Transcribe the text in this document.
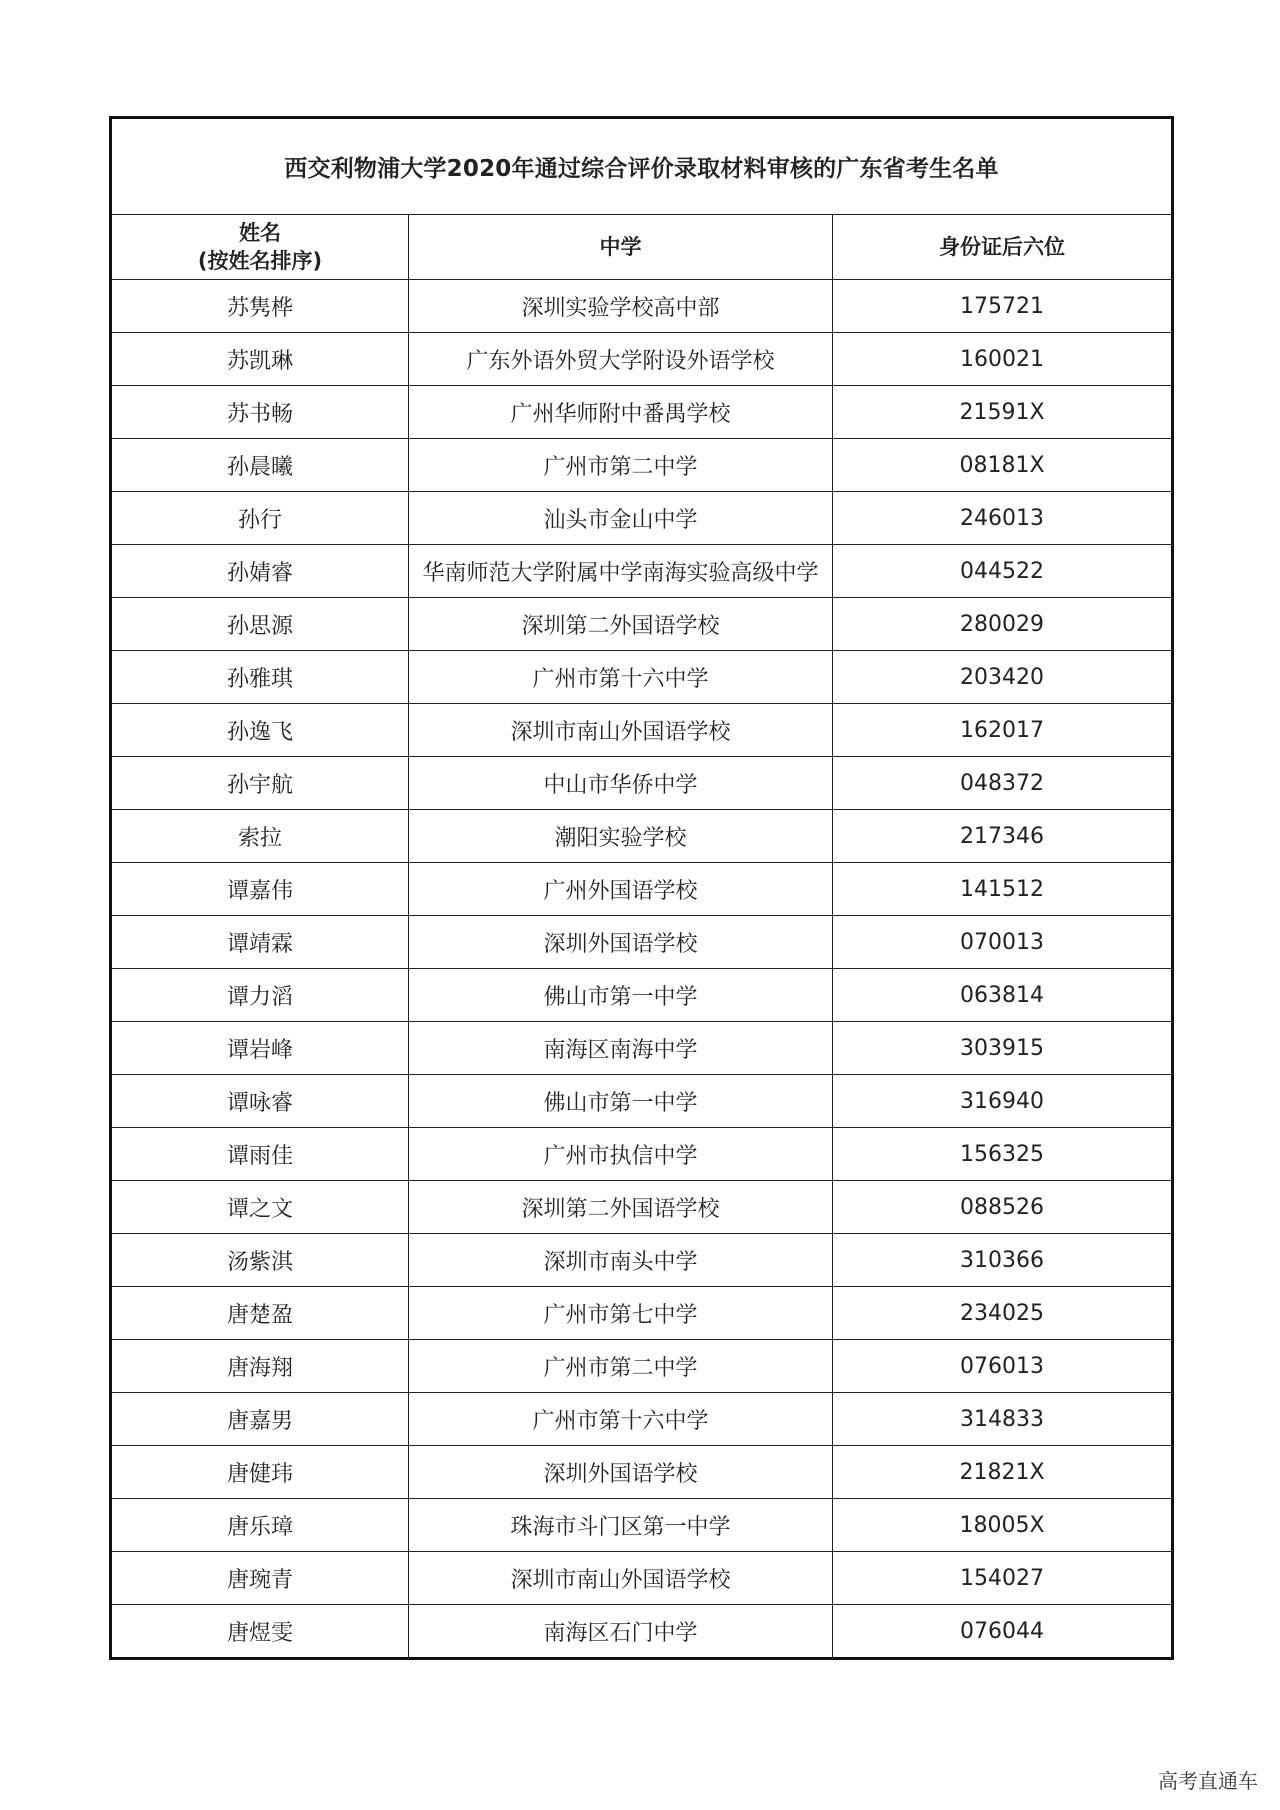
西交利物浦大学2020年通过综合评价录取材料审核的广东省考生名单		

姓名
(按姓名排序)	中学	身份证后六位
苏隽桦	深圳实验学校高中部	175721
苏凯琳	广东外语外贸大学附设外语学校	160021
苏书畅	广州华师附中番禺学校	21591X
孙晨曦	广州市第二中学	08181X
孙行	汕头市金山中学	246013
孙婧睿	华南师范大学附属中学南海实验高级中学	044522
孙思源	深圳第二外国语学校	280029
孙雅琪	广州市第十六中学	203420
孙逸飞	深圳市南山外国语学校	162017
孙宇航	中山市华侨中学	048372
索拉	潮阳实验学校	217346
谭嘉伟	广州外国语学校	141512
谭靖霖	深圳外国语学校	070013
谭力滔	佛山市第一中学	063814
谭岩峰	南海区南海中学	303915
谭咏睿	佛山市第一中学	316940
谭雨佳	广州市执信中学	156325
谭之文	深圳第二外国语学校	088526
汤紫淇	深圳市南头中学	310366
唐楚盈	广州市第七中学	234025
唐海翔	广州市第二中学	076013
唐嘉男	广州市第十六中学	314833
唐健玮	深圳外国语学校	21821X
唐乐璋	珠海市斗门区第一中学	18005X
唐琬青	深圳市南山外国语学校	154027
唐煜雯	南海区石门中学	076044
高考直通车
